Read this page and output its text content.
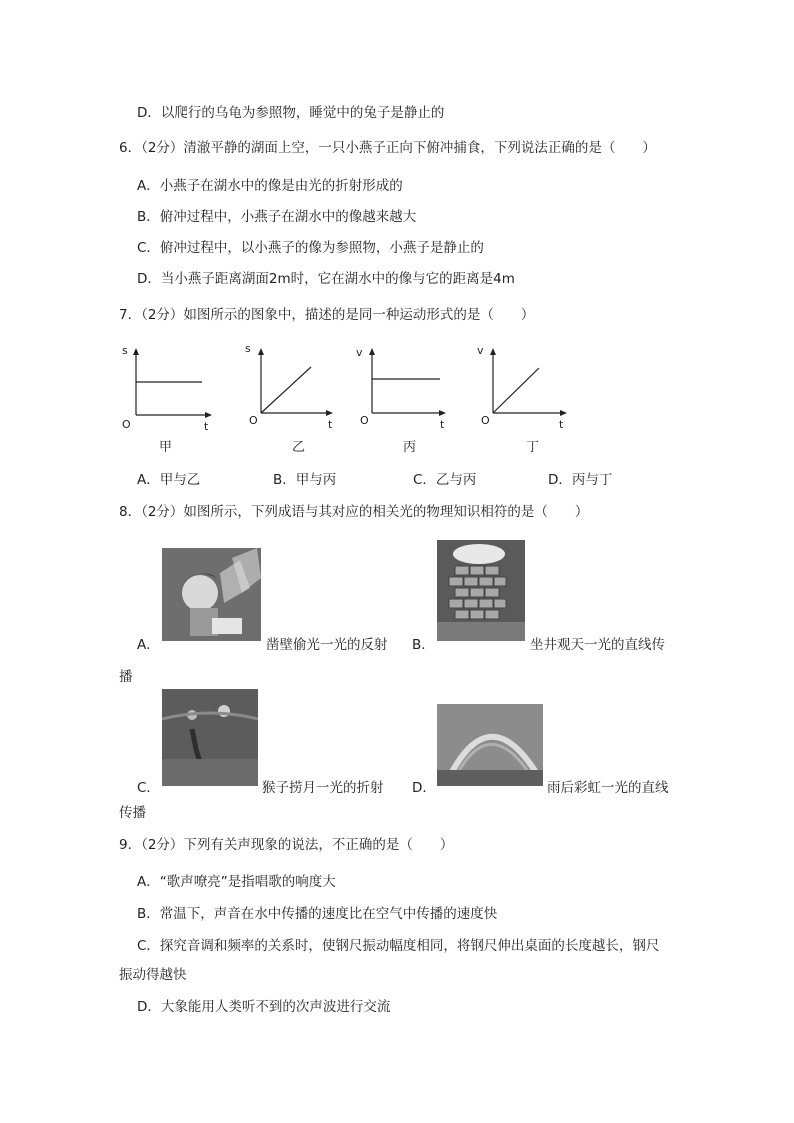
D．以爬行的乌龟为参照物，睡觉中的兔子是静止的
6．（2分）清澈平静的湖面上空，一只小燕子正向下俯冲捕食，下列说法正确的是（　　）
A．小燕子在湖水中的像是由光的折射形成的
B．俯冲过程中，小燕子在湖水中的像越来越大
C．俯冲过程中，以小燕子的像为参照物，小燕子是静止的
D．当小燕子距离湖面2m时，它在湖水中的像与它的距离是4m
7．（2分）如图所示的图象中，描述的是同一种运动形式的是（　　）
s
O	t
甲
s
O	t
乙
v
O	t
丙
v
O	t
丁
A．甲与乙	B．甲与丙	C．乙与丙	D．丙与丁
8．（2分）如图所示，下列成语与其对应的相关光的物理知识相符的是（　　）
A．	凿壁偷光一光的反射 B．	坐井观天一光的直线传
播
C．	猴子捞月一光的折射 D．	雨后彩虹一光的直线
传播
9．（2分）下列有关声现象的说法，不正确的是（　　）
A．“歌声嘹亮”是指唱歌的响度大
B．常温下，声音在水中传播的速度比在空气中传播的速度快
C．探究音调和频率的关系时，使钢尺振动幅度相同，将钢尺伸出桌面的长度越长，钢尺
振动得越快
D．大象能用人类听不到的次声波进行交流
